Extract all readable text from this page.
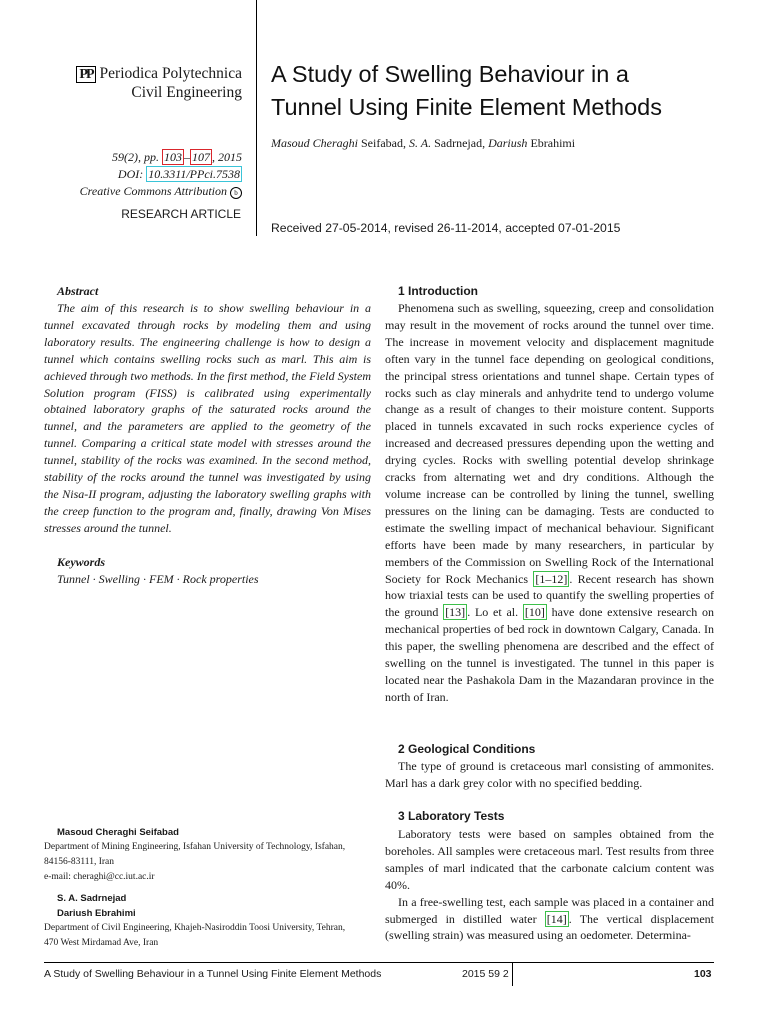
PP Periodica Polytechnica
Civil Engineering
59(2), pp. 103 – 107 , 2015
DOI: 10.3311/PPci.7538
Creative Commons Attribution b
RESEARCH ARTICLE
A Study of Swelling Behaviour in a
Tunnel Using Finite Element Methods
Masoud Cheraghi Seifabad, S. A. Sadrnejad, Dariush Ebrahimi
Received 27-05-2014, revised 26-11-2014, accepted 07-01-2015
Abstract
The aim of this research is to show swelling behaviour in a tunnel excavated through rocks by modeling them and using laboratory results. The engineering challenge is how to design a tunnel which contains swelling rocks such as marl. This aim is achieved through two methods. In the first method, the Field System Solution program (FISS) is calibrated using experimentally obtained laboratory graphs of the saturated rocks around the tunnel, and the parameters are applied to the geometry of the tunnel. Comparing a critical state model with stresses around the tunnel, stability of the rocks was examined. In the second method, stability of the rocks around the tunnel was investigated by using the Nisa-II program, adjusting the laboratory swelling graphs with the creep function to the program and, finally, drawing Von Mises stresses around the tunnel.
Keywords
Tunnel · Swelling · FEM · Rock properties
Masoud Cheraghi Seifabad
Department of Mining Engineering, Isfahan University of Technology, Isfahan,
84156-83111, Iran
e-mail: cheraghi@cc.iut.ac.ir
S. A. Sadrnejad
Dariush Ebrahimi
Department of Civil Engineering, Khajeh-Nasiroddin Toosi University, Tehran,
470 West Mirdamad Ave, Iran
1 Introduction
Phenomena such as swelling, squeezing, creep and consolidation may result in the movement of rocks around the tunnel over time. The increase in movement velocity and displacement magnitude often vary in the tunnel face depending on geological conditions, the principal stress orientations and tunnel shape. Certain types of rocks such as clay minerals and anhydrite tend to undergo volume change as a result of changes to their moisture content. Supports placed in tunnels excavated in such rocks experience cycles of increased and decreased pressures depending upon the wetting and drying cycles. Rocks with swelling potential develop shrinkage cracks from alternating wet and dry conditions. Although the volume increase can be controlled by lining the tunnel, swelling pressures on the lining can be damaging. Tests are conducted to estimate the swelling impact of mechanical behaviour. Significant efforts have been made by many researchers, in particular by members of the Commission on Swelling Rock of the International Society for Rock Mechanics [1–12] . Recent research has shown how triaxial tests can be used to quantify the swelling properties of the ground [13] . Lo et al. [10] have done extensive research on mechanical properties of bed rock in downtown Calgary, Canada. In this paper, the swelling phenomena are described and the effect of swelling on the tunnel is investigated. The tunnel in this paper is located near the Pashakola Dam in the Mazandaran province in the north of Iran.
2 Geological Conditions
The type of ground is cretaceous marl consisting of ammonites. Marl has a dark grey color with no specified bedding.
3 Laboratory Tests
Laboratory tests were based on samples obtained from the boreholes. All samples were cretaceous marl. Test results from three samples of marl indicated that the carbonate calcium content was 40%.
In a free-swelling test, each sample was placed in a container and submerged in distilled water [14] . The vertical displacement (swelling strain) was measured using an oedometer. Determina-
A Study of Swelling Behaviour in a Tunnel Using Finite Element Methods	2015 59 2	103
